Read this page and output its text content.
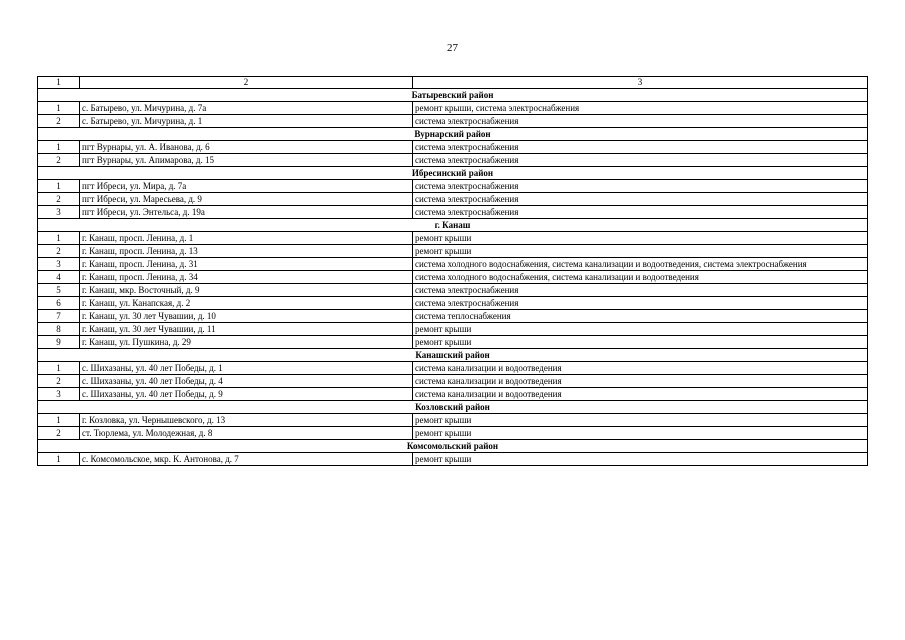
27
1	2	3
Батыревский район		
1	с. Батырево, ул. Мичурина, д. 7а	ремонт крыши, система электроснабжения
2	с. Батырево, ул. Мичурина, д. 1	система электроснабжения
Вурнарский район		
1	пгт Вурнары, ул. А. Иванова, д. 6	система электроснабжения
2	пгт Вурнары, ул. Апимарова, д. 15	система электроснабжения
Ибресинский район		
1	пгт Ибреси, ул. Мира, д. 7а	система электроснабжения
2	пгт Ибреси, ул. Маресьева, д. 9	система электроснабжения
3	пгт Ибреси, ул. Энтельса, д. 19а	система электроснабжения
г. Канаш		
1	г. Канаш, просп. Ленина, д. 1	ремонт крыши
2	г. Канаш, просп. Ленина, д. 13	ремонт крыши
3	г. Канаш, просп. Ленина, д. 31	система холодного водоснабжения, система канализации и водоотведения, система электроснабжения
4	г. Канаш, просп. Ленина, д. 34	система холодного водоснабжения, система канализации и водоотведения
5	г. Канаш, мкр. Восточный, д. 9	система электроснабжения
6	г. Канаш, ул. Канапская, д. 2	система электроснабжения
7	г. Канаш, ул. 30 лет Чувашии, д. 10	система теплоснабжения
8	г. Канаш, ул. 30 лет Чувашии, д. 11	ремонт крыши
9	г. Канаш, ул. Пушкина, д. 29	ремонт крыши
Канашский район		
1	с. Шихазаны, ул. 40 лет Победы, д. 1	система канализации и водоотведения
2	с. Шихазаны, ул. 40 лет Победы, д. 4	система канализации и водоотведения
3	с. Шихазаны, ул. 40 лет Победы, д. 9	система канализации и водоотведения
Козловский район		
1	г. Козловка, ул. Чернышевского, д. 13	ремонт крыши
2	ст. Тюрлема, ул. Молодежная, д. 8	ремонт крыши
Комсомольский район		
1	с. Комсомольское, мкр. К. Антонова, д. 7	ремонт крыши
